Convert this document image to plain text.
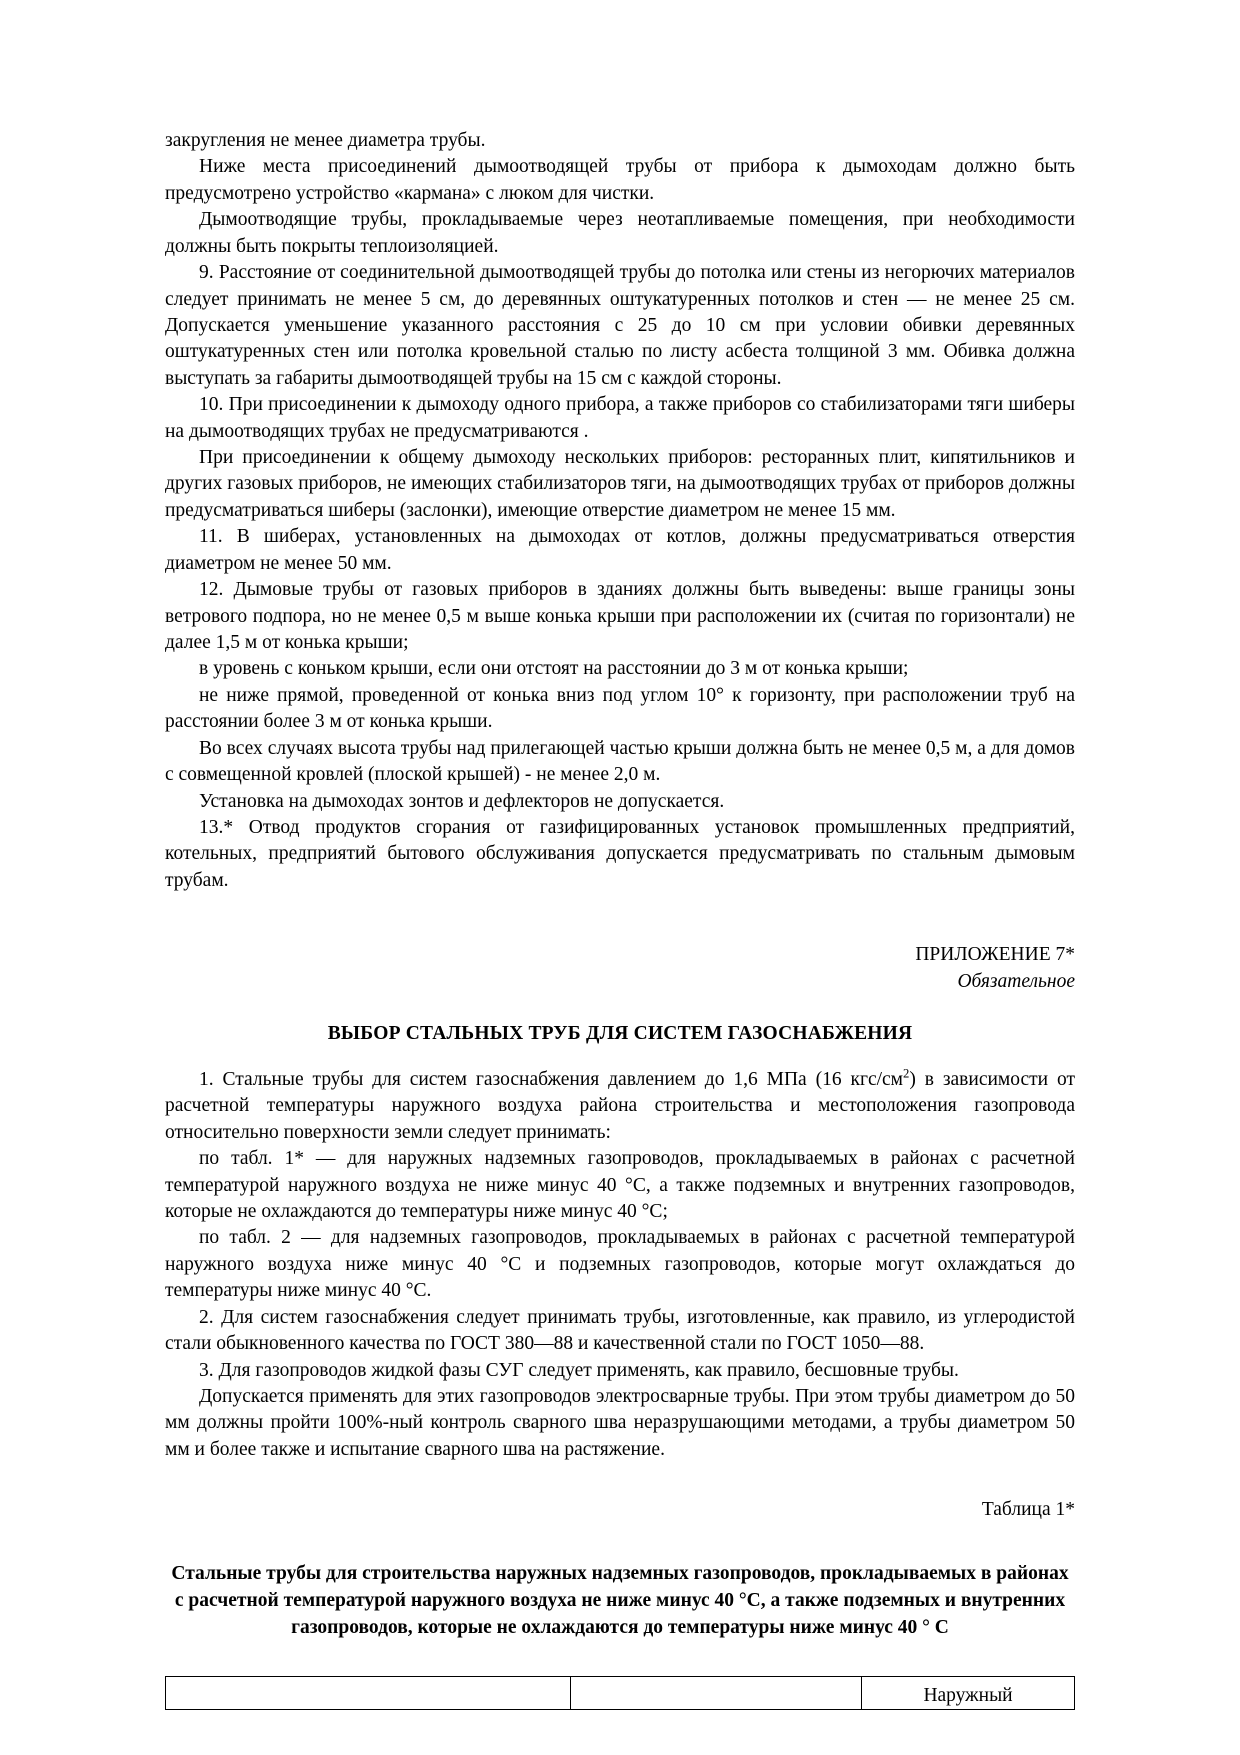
закругления не менее диаметра трубы.

Ниже места присоединений дымоотводящей трубы от прибора к дымоходам должно быть предусмотрено устройство «кармана» с люком для чистки.

Дымоотводящие трубы, прокладываемые через неотапливаемые помещения, при необходимости должны быть покрыты теплоизоляцией.

9. Расстояние от соединительной дымоотводящей трубы до потолка или стены из негорючих материалов следует принимать не менее 5 см, до деревянных оштукатуренных потолков и стен — не менее 25 см. Допускается уменьшение указанного расстояния с 25 до 10 см при условии обивки деревянных оштукатуренных стен или потолка кровельной сталью по листу асбеста толщиной 3 мм. Обивка должна выступать за габариты дымоотводящей трубы на 15 см с каждой стороны.

10. При присоединении к дымоходу одного прибора, а также приборов со стабилизаторами тяги шиберы на дымоотводящих трубах не предусматриваются .

При присоединении к общему дымоходу нескольких приборов: ресторанных плит, кипятильников и других газовых приборов, не имеющих стабилизаторов тяги, на дымоотводящих трубах от приборов должны предусматриваться шиберы (заслонки), имеющие отверстие диаметром не менее 15 мм.

11. В шиберах, установленных на дымоходах от котлов, должны предусматриваться отверстия диаметром не менее 50 мм.

12. Дымовые трубы от газовых приборов в зданиях должны быть выведены: выше границы зоны ветрового подпора, но не менее 0,5 м выше конька крыши при расположении их (считая по горизонтали) не далее 1,5 м от конька крыши;

в уровень с коньком крыши, если они отстоят на расстоянии до 3 м от конька крыши;

не ниже прямой, проведенной от конька вниз под углом 10° к горизонту, при расположении труб на расстоянии более 3 м от конька крыши.

Во всех случаях высота трубы над прилегающей частью крыши должна быть не менее 0,5 м, а для домов с совмещенной кровлей (плоской крышей) - не менее 2,0 м.

Установка на дымоходах зонтов и дефлекторов не допускается.

13.* Отвод продуктов сгорания от газифицированных установок промышленных предприятий, котельных, предприятий бытового обслуживания допускается предусматривать по стальным дымовым трубам.

ПРИЛОЖЕНИЕ 7*
Обязательное
ВЫБОР СТАЛЬНЫХ ТРУБ ДЛЯ СИСТЕМ ГАЗОСНАБЖЕНИЯ

1. Стальные трубы для систем газоснабжения давлением до 1,6 МПа (16 кгс/$см^2$) в зависимости от расчетной температуры наружного воздуха района строительства и местоположения газопровода относительно поверхности земли следует принимать:

по табл. 1* — для наружных надземных газопроводов, прокладываемых в районах с расчетной температурой наружного воздуха не ниже минус 40 °С, а также подземных и внутренних газопроводов, которые не охлаждаются до температуры ниже минус 40 °С;

по табл. 2 — для надземных газопроводов, прокладываемых в районах с расчетной температурой наружного воздуха ниже минус 40 °С и подземных газопроводов, которые могут охлаждаться до температуры ниже минус 40 °С.

2. Для систем газоснабжения следует принимать трубы, изготовленные, как правило, из углеродистой стали обыкновенного качества по ГОСТ 380—88 и качественной стали по ГОСТ 1050—88.

3. Для газопроводов жидкой фазы СУГ следует применять, как правило, бесшовные трубы.

Допускается применять для этих газопроводов электросварные трубы. При этом трубы диаметром до 50 мм должны пройти 100%-ный контроль сварного шва неразрушающими методами, а трубы диаметром 50 мм и более также и испытание сварного шва на растяжение.

Таблица 1*
Стальные трубы для строительства наружных надземных газопроводов, прокладываемых в районах с расчетной температурой наружного воздуха не ниже минус 40 °С, а также подземных и внутренних газопроводов, которые не охлаждаются до температуры ниже минус 40 ° С
		Наружный
